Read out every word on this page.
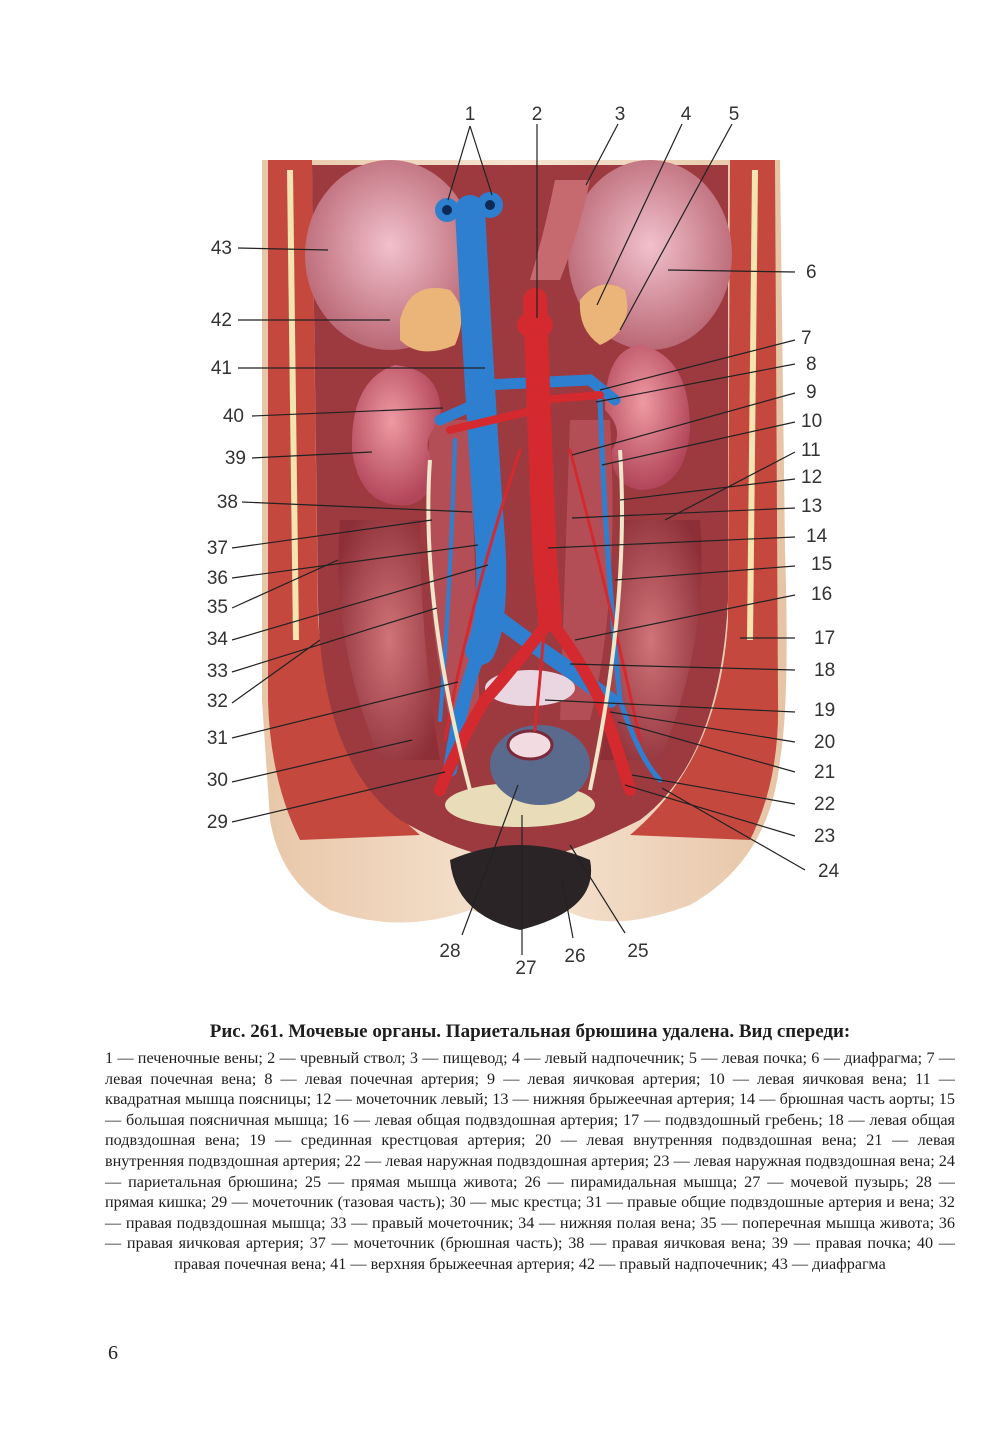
1	2	3	4 5
6
7
8
9
10
11
12
13
14
15
16
17
18
19
20
21
22
23
24
25
26
27
28
29
30
31
32
33
34
35
36
37
38
39
40
41
42
43

Рис. 261. Мочевые органы. Париетальная брюшина удалена. Вид спереди:

1 — печеночные вены; 2 — чревный ствол; 3 — пищевод; 4 — левый надпочечник; 5 — левая почка; 6 — диафрагма; 7 — левая почечная вена; 8 — левая почечная артерия; 9 — левая яичковая артерия; 10 — левая яичковая вена; 11 — квадратная мышца поясницы; 12 — мочеточник левый; 13 — нижняя брыжеечная артерия; 14 — брюшная часть аорты; 15 — большая поясничная мышца; 16 — левая общая подвздошная артерия; 17 — подвздошный гребень; 18 — левая общая подвздошная вена; 19 — срединная крестцовая артерия; 20 — левая внутренняя подвздошная вена; 21 — левая внутренняя подвздошная артерия; 22 — левая наружная подвздошная артерия; 23 — левая наружная подвздошная вена; 24 — париетальная брюшина; 25 — прямая мышца живота; 26 — пирамидальная мышца; 27 — мочевой пузырь; 28 — прямая кишка; 29 — мочеточник (тазовая часть); 30 — мыс крестца; 31 — правые общие подвздошные артерия и вена; 32 — правая подвздошная мышца; 33 — правый мочеточник; 34 — нижняя полая вена; 35 — поперечная мышца живота; 36 — правая яичковая артерия; 37 — мочеточник (брюшная часть); 38 — правая яичковая вена; 39 — правая почка; 40 — правая почечная вена; 41 — верхняя брыжеечная артерия; 42 — правый надпочечник; 43 — диафрагма

6
